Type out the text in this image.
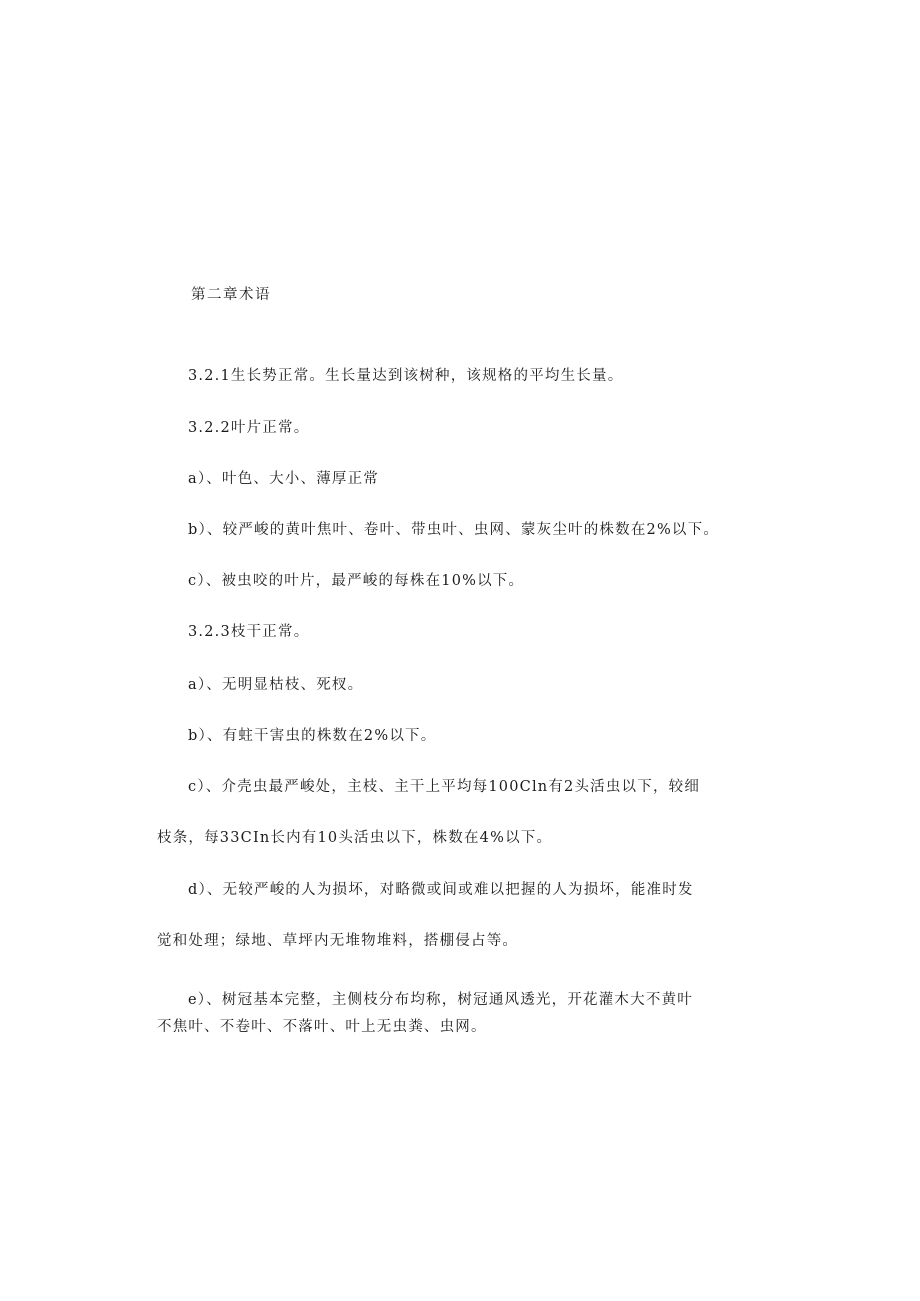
第二章术语
3.2.1生长势正常。生长量达到该树种，该规格的平均生长量。
3.2.2叶片正常。
a）、叶色、大小、薄厚正常
b）、较严峻的黄叶焦叶、卷叶、带虫叶、虫网、蒙灰尘叶的株数在2%以下。
c）、被虫咬的叶片，最严峻的每株在10%以下。
3.2.3枝干正常。
a）、无明显枯枝、死杈。
b）、有蛀干害虫的株数在2%以下。
c）、介壳虫最严峻处，主枝、主干上平均每100Cln有2头活虫以下，较细
枝条，每33CIn长内有10头活虫以下，株数在4%以下。
d）、无较严峻的人为损坏，对略微或间或难以把握的人为损坏，能准时发
觉和处理；绿地、草坪内无堆物堆料，搭棚侵占等。
e）、树冠基本完整，主侧枝分布均称，树冠通风透光，开花灌木大不黄叶
不焦叶、不卷叶、不落叶、叶上无虫粪、虫网。
